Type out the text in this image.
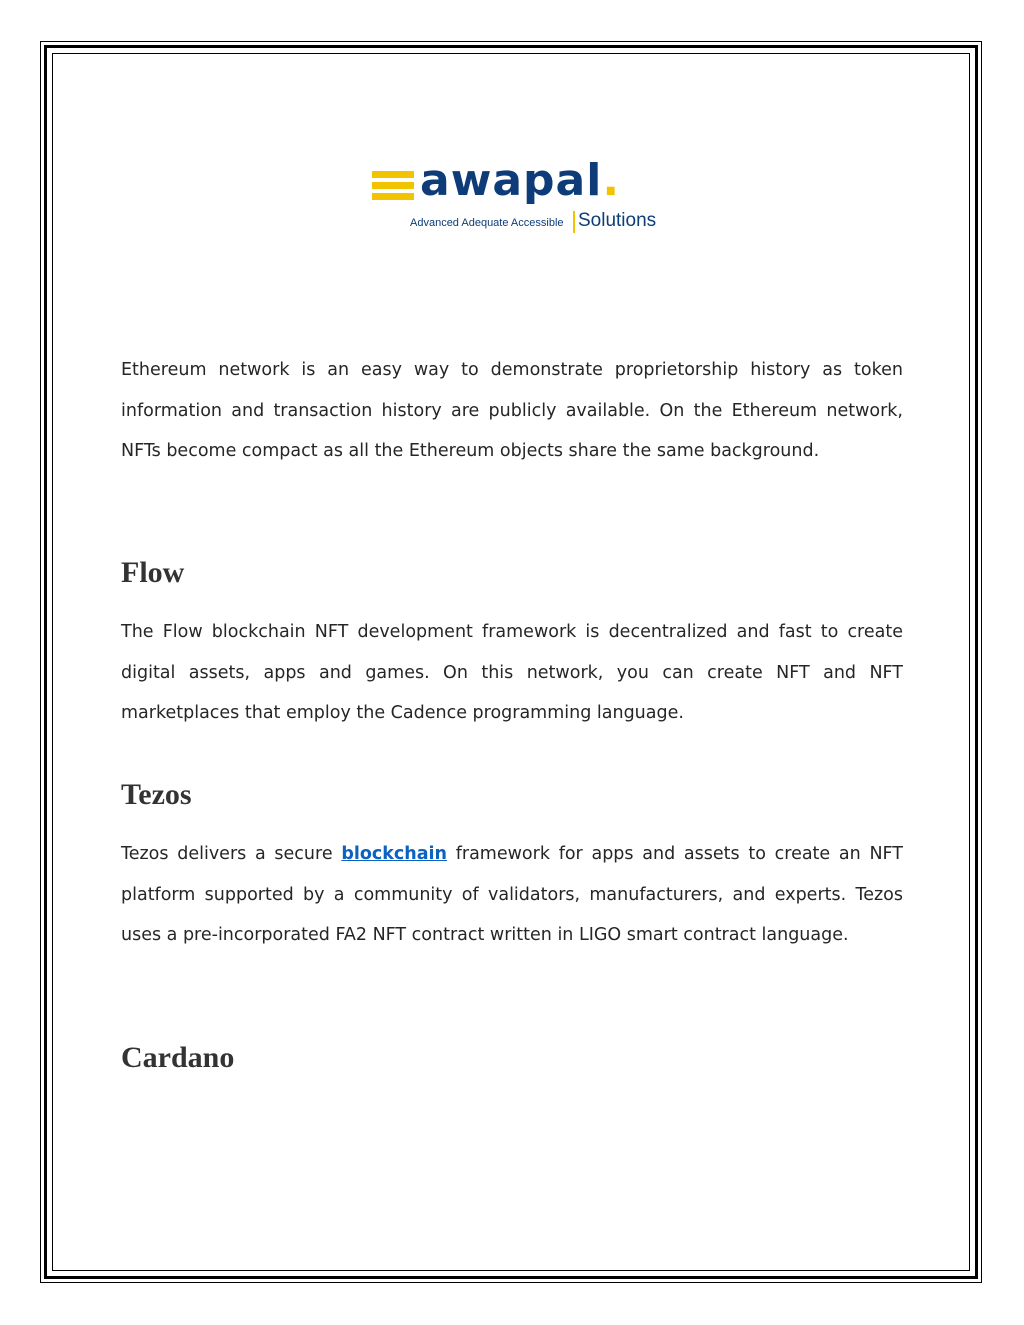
awapal.
Advanced Adequate Accessible Solutions

Ethereum network is an easy way to demonstrate proprietorship history as token information and transaction history are publicly available. On the Ethereum network, NFTs become compact as all the Ethereum objects share the same background.

Flow

The Flow blockchain NFT development framework is decentralized and fast to create digital assets, apps and games. On this network, you can create NFT and NFT marketplaces that employ the Cadence programming language.

Tezos

Tezos delivers a secure blockchain framework for apps and assets to create an NFT platform supported by a community of validators, manufacturers, and experts. Tezos uses a pre-incorporated FA2 NFT contract written in LIGO smart contract language.

Cardano
